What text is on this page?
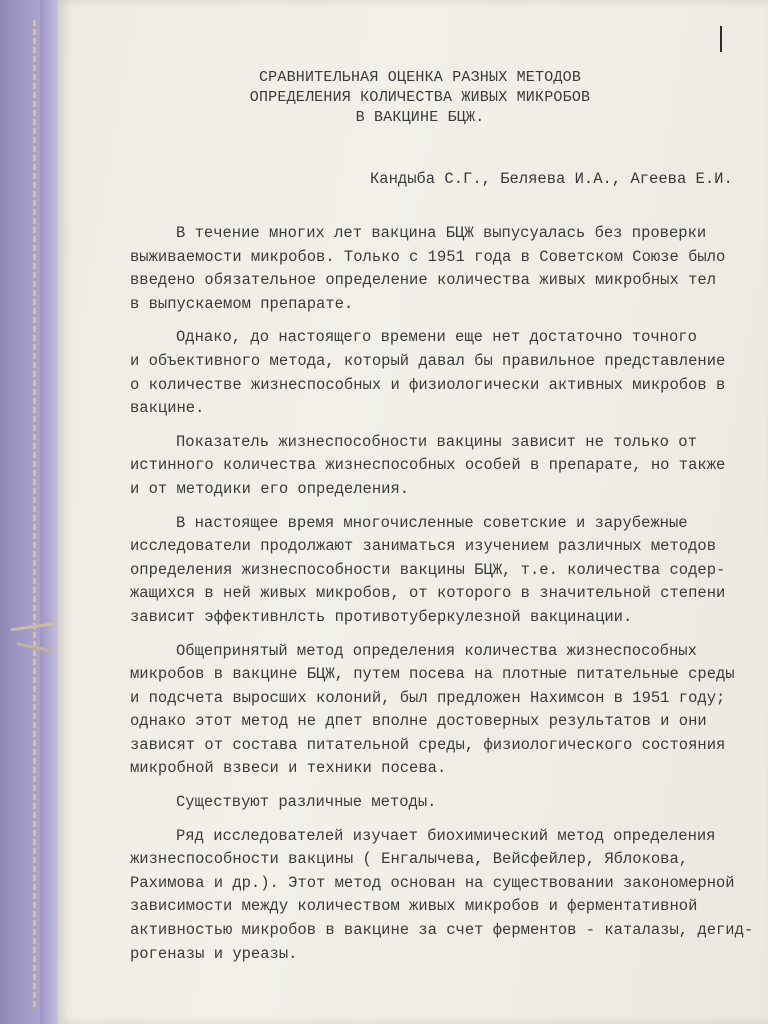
СРАВНИТЕЛЬНАЯ ОЦЕНКА РАЗНЫХ МЕТОДОВ
ОПРЕДЕЛЕНИЯ КОЛИЧЕСТВА ЖИВЫХ МИКРОБОВ
В ВАКЦИНЕ БЦЖ.
Кандыба С.Г., Беляева И.А., Агеева Е.И.
В течение многих лет вакцина БЦЖ выпусуалась без проверки
выживаемости микробов. Только с 1951 года в Советском Союзе было
введено обязательное определение количества живых микробных тел
в выпускаемом препарате.
Однако, до настоящего времени еще нет достаточно точного
и объективного метода, который давал бы правильное представление
о количестве жизнеспособных и физиологически активных микробов в
вакцине.
Показатель жизнеспособности вакцины зависит не только от
истинного количества жизнеспособных особей в препарате, но также
и от методики его определения.
В настоящее время многочисленные советские и зарубежные
исследователи продолжают заниматься изучением различных методов
определения жизнеспособности вакцины БЦЖ, т.е. количества содер-
жащихся в ней живых микробов, от которого в значительной степени
зависит эффективнлсть противотуберкулезной вакцинации.
Общепринятый метод определения количества жизнеспособных
микробов в вакцине БЦЖ, путем посева на плотные питательные среды
и подсчета выросших колоний, был предложен Нахимсон в 1951 году;
однако этот метод не дпет вполне достоверных результатов и они
зависят от состава питательной среды, физиологического состояния
микробной взвеси и техники посева.
Существуют различные методы.
Ряд исследователей изучает биохимический метод определения
жизнеспособности вакцины ( Енгалычева, Вейсфейлер, Яблокова,
Рахимова и др.). Этот метод основан на существовании закономерной
зависимости между количеством живых микробов и ферментативной
активностью микробов в вакцине за счет ферментов - каталазы, дегид-
рогеназы и уреазы.
